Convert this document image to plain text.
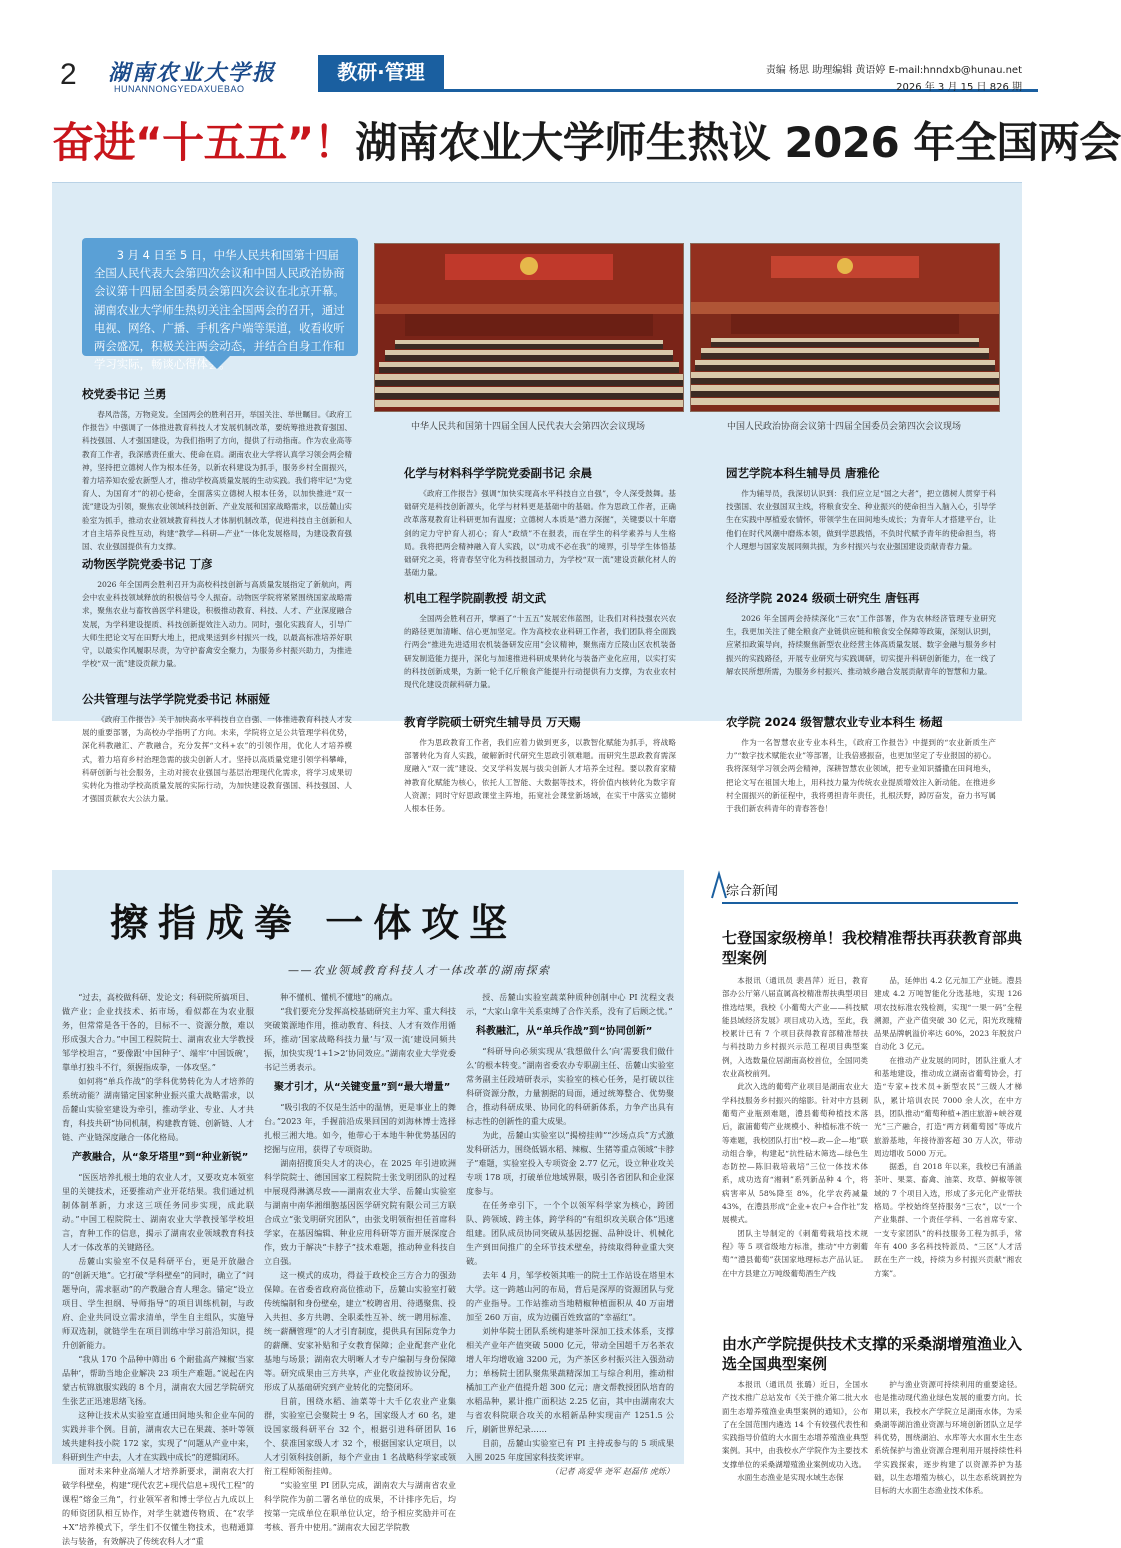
2 湖南农业大学报
HUNANNONGYEDAXUEBAO
教研·管理	责编 杨思 助理编辑 黄语婷 E-mail:hnndxb@hunau.net
2026 年 3 月 15 日 826 期
奋进“十五五”！湖南农业大学师生热议 2026 年全国两会
3 月 4 日至 5 日，中华人民共和国第十四届全国人民代表大会第四次会议和中国人民政治协商会议第十四届全国委员会第四次会议在北京开幕。湖南农业大学师生热切关注全国两会的召开，通过电视、网络、广播、手机客户端等渠道，收看收听两会盛况，积极关注两会动态，并结合自身工作和学习实际，畅谈心得体会。
中华人民共和国第十四届全国人民代表大会第四次会议现场	中国人民政治协商会议第十四届全国委员会第四次会议现场
校党委书记 兰勇

春风浩荡，万物竞发。全国两会的胜利召开，举国关注、举世瞩目。《政府工作报告》中强调了一体推进教育科技人才发展机制改革，要统筹推进教育强国、科技强国、人才强国建设，为我们指明了方向，提供了行动指南。作为农业高等教育工作者，我深感责任重大、使命在肩。湖南农业大学将认真学习领会两会精神，坚持把立德树人作为根本任务，以新农科建设为抓手，服务乡村全面振兴，着力培养知农爱农新型人才，推动学校高质量发展的生动实践。我们将牢记“为党育人、为国育才”的初心使命，全面落实立德树人根本任务，以加快推进“双一流”建设为引领，聚焦农业领域科技创新、产业发展和国家战略需求，以岳麓山实验室为抓手，推动农业领域教育科技人才体制机制改革，促进科技自主创新和人才自主培养良性互动，构建“教学—科研—产业”一体化发展格局，为建设教育强国、农业强国提供有力支撑。

动物医学院党委书记 丁彦

2026 年全国两会胜利召开为高校科技创新与高质量发展指定了新航向，两会中农业科技领域释放的积极信号令人振奋。动物医学院将紧紧围绕国家战略需求，聚焦农业与畜牧兽医学科建设，积极推动教育、科技、人才、产业深度融合发展，为学科建设提质、科技创新提效注入动力。同时，强化实践育人，引导广大师生把论文写在田野大地上，把成果送到乡村振兴一线，以最高标准培养好职守，以最实作风履职尽责，为守护畜禽安全聚力，为服务乡村振兴助力，为推进学校“双一流”建设贡献力量。

公共管理与法学学院党委书记 林丽娅

《政府工作报告》关于加快高水平科技自立自强、一体推进教育科技人才发展的重要部署，为高校办学指明了方向。未来，学院将立足公共管理学科优势，深化科教融汇、产教融合，充分发挥“文科+农”的引领作用，优化人才培养模式，着力培育乡村治理急需的拔尖创新人才。坚持以高质量党建引领学科攀峰，科研创新与社会服务，主动对接农业强国与基层治理现代化需求，将学习成果切实转化为推动学校高质量发展的实际行动，为加快建设教育强国、科技强国、人才强国贡献农大公法力量。

化学与材料科学学院党委副书记 余晨

《政府工作报告》强调“加快实现高水平科技自立自强”，令人深受鼓舞。基础研究是科技创新源头，化学与材料更是基础中的基础。作为思政工作者，正确改革落观教育让科研更加有温度；立德树人本质是“潜力深掘”，关键要以十年磨剑的定力守护育人初心；育人“政绩”不在报表，而在学生的科学素养与人生格局。我将把两会精神融入育人实践，以“功成不必在我”的境界，引导学生体悟基础研究之美，将青春坚守化为科技报国动力，为学校“双一流”建设贡献化材人的基础力量。

机电工程学院副教授 胡文武

全国两会胜利召开，擘画了“十五五”发展宏伟蓝图，让我们对科技强农兴农的路径更加清晰、信心更加坚定。作为高校农业科研工作者，我们团队将全面践行两会“推进先进适用农机装备研发应用”会议精神，聚焦南方丘陵山区农机装备研发制造能力提升，深化与加速推进科研成果转化与装备产业化应用，以实打实的科技创新成果，为新一轮千亿斤粮食产能提升行动提供有力支撑，为农业农村现代化建设贡献科研力量。

教育学院硕士研究生辅导员 万天赐

作为思政教育工作者，我们应着力做到更多，以教智化赋能为抓手，将战略部署转化为育人实践，破解新时代研究生思政引领难题。而研究生思政教育需深度融入“双一流”建设、交叉学科发展与拔尖创新人才培养全过程。要以教育家精神教育化赋能为核心，依托人工智能、大数据等技术，将价值内核转化为数字育人资源；同时守好思政课堂主阵地，拓宽社会课堂新场域，在实干中落实立德树人根本任务。

园艺学院本科生辅导员 唐雅伦

作为辅导员，我深切认识到：我们应立足“国之大者”，把立德树人贯穿于科技强国、农业强国双主线，将粮食安全、种业振兴的使命担当入脑入心，引导学生在实践中厚植爱农情怀，带领学生在田间地头成长；为青年人才搭建平台，让他们在时代风潮中磨炼本领，做到学思践悟，不负时代赋予青年的使命担当，将个人理想与国家发展同频共振，为乡村振兴与农业强国建设贡献青春力量。

经济学院 2024 级硕士研究生 唐钰再

2026 年全国两会持续深化“三农”工作部署，作为农林经济管理专业研究生，我更加关注了健全粮食产业链供应链和粮食安全保障等政策，深刻认识到，应紧扣政策导向，持续聚焦新型农业经营主体高质量发展、数字金融与服务乡村振兴的实践路径，开展专业研究与实践调研，切实提升科研创新能力，在一线了解农民所想所需，为服务乡村振兴、推动城乡融合发展贡献青年的智慧和力量。

农学院 2024 级智慧农业专业本科生 杨超

作为一名智慧农业专业本科生，《政府工作报告》中提到的“农业新质生产力”“数字技术赋能农业”等部署，让我倍感振奋，也更加坚定了专业报国的初心。我将深刻学习领会两会精神，深耕智慧农业领域，把专业知识播撒在田间地头，把论文写在祖国大地上，用科技力量为传统农业提质增效注入新动能。在推进乡村全面振兴的新征程中，我将勇担青年责任，扎根沃野，踔厉奋发，奋力书写属于我们新农科青年的青春答卷！

擦指成拳 一体攻坚
——农业领域教育科技人才一体改革的湖南探索

“过去，高校做科研、发论文；科研院所搞项目、做产业；企业找技术、拓市场，看似都在为农业服务，但常常是各干各的，目标不一、资源分散，难以形成强大合力。”中国工程院院士、湖南农业大学教授邹学校坦言，“要像跟‘中国种子’、端牢‘中国饭碗’，靠单打独斗不行，须握指成拳，一体攻坚。”

如何将“单兵作战”的学科优势转化为人才培养的系统动能？湖南锚定国家种业振兴重大战略需求，以岳麓山实验室建设为牵引，推动学业、专业、人才共育，科技共研“协同机制，构建教育链、创新链、人才链、产业链深度融合一体化格局。

产教融合，从“象牙塔里”到“种业新锐”

“医医培养扎根土地的农业人才，又要攻克本领室里的关键技术，还要推动产业开花结果。我们通过机制体制革新，力求这三项任务同步实现，成此联动。”中国工程院院士、湖南农业大学教授邹学校坦言，育种工作的信息，揭示了湖南农业领域教育科技人才一体改革的关键路径。

岳麓山实验室不仅是科研平台，更是开放融合的“创新天地”。它打破“学科壁垒”的同时，确立了“问题导向，需求驱动”的产教融合育人理念。锚定“设立项目、学生担纲、导师指导”的项目训练机制，与政府、企业共同设立需求清单，学生自主组队，实施导师双选制，就链学生在项目训练中学习前沿知识，提升创新能力。

“我从 170 个品种中筛出 6 个耐盐高产辣椒‘当家品种’，帮助当地企业解决 23 项生产难题。”说起在内蒙古杭锦旗服实践的 8 个月，湖南农大园艺学院研究生张艺正迅速思绪飞扬。

这种让技术从实验室直通田间地头和企业车间的实践并非个例。目前，湖南农大已在果蔬、茶叶等领域共建科技小院 172 家，实现了“问题从产业中来，科研到生产中去，人才在实践中成长”的逻辑闭环。

面对未来种业高端人才培养新要求，湖南农大打破学科壁垒，构建“现代农艺+现代信息+现代工程”的课程“熔金三角”，行业领军者和博士学位占九成以上的师资团队相互协作，对学生就遗传物质、在“农学+X”培养模式下，学生们不仅懂生物技术，也精通算法与装备，有效解决了传统农科人才“重

种不懂机、懂机不懂地”的痛点。

“我们要充分发挥高校基础研究主力军、重大科技突破策源地作用，推动教育、科技、人才有效作用循环，推动‘国家战略科技力量’与‘双一流’建设同频共振，加快实现‘1+1>2’协同效应。”湖南农业大学党委书记兰勇表示。

聚才引才，从“关键变量”到“最大增量”

“吸引我的不仅是生活中的温情，更是事业上的舞台。”2023 年，手握前沿成果回国的刘海林博士选择扎根三湘大地。如今，他带心于本地牛种优势基因的挖掘与应用，获得了专项资助。

湖南招揽顶尖人才的决心，在 2025 年引进欧洲科学院院士、德国国家工程院院士张戈明团队的过程中展现得淋漓尽致——湖南农业大学、岳麓山实验室与湖南中南华湘细胞基因医学研究院有限公司三方联合成立“张戈明研究团队”，由张戈明领衔担任首席科学家，在基因编辑、种业应用科研等方面开展深度合作，致力于解决“卡脖子”技术难题，推动种业科技自立自强。

这一模式的成功，得益于政校企三方合力的强劲保障。在省委省政府高位推动下，岳麓山实验室打破传统编制和身份壁垒，建立“校聘省用、待遇聚焦、投入共担、多方共聘、全职柔性互补、统一聘用标准、统一薪酬管理”的人才引育制度，提供具有国际竞争力的薪酬、安家补贴和子女教育保障；企业配套产业化基地与场景；湖南农大明晰人才专户编制与身份保障等。研究成果由三方共享，产业化收益按协议分配，形成了从基础研究到产业转化的完整闭环。

目前，围绕水稻、油菜等十大千亿农业产业集群，实验室已会聚院士 9 名，国家级人才 60 名，建设国家级科研平台 32 个，根据引进科研团队 16 个、获准国家级人才 32 个，根据国家认定项目，以人才引领科技创新，每个产业由 1 名战略科学家或领衔工程师领衔挂帅。

“实验室里 PI 团队完成，湖南农大与湖南省农业科学院作为前二署名单位的成果，不计排序先后，均按第一完成单位在职单位认定，给予相应奖励并可在考核、晋升中使用。”湖南农大园艺学院教

授、岳麓山实验室蔬菜种质种创制中心 PI 沈程文表示，“大家山拿牛关系束缚了合作关系，没有了后顾之忧。”

科教融汇，从“单兵作战”到“协同创新”

“科研导向必须实现从‘我想做什么’向‘需要我们做什么’的根本转变。”湖南省委农办专职副主任、岳麓山实验室常务副主任段靖研表示，实验室的核心任务，是打破以往科研资源分散，力量割据的局面，通过统筹整合、优势聚合，推动科研成果、协同化的科研新体系，力争产出具有标志性的创新性的重大成果。

为此，岳麓山实验室以“揭榜挂帅”“沙场点兵”方式激发科研活力，围绕低镉水稻、辣椒、生猪等重点领域“卡脖子”难题，实验室投入专项资金 2.77 亿元，设立种业攻关专项 178 项，打破单位地域界限，吸引各省团队和企业深度参与。

在任务牵引下，一个个以领军科学家为核心，跨团队、跨领域、跨主体，跨学科的“有组织攻关联合体”迅速组建。团队成员协同突破从基因挖掘、品种设计、机械化生产到田间推广的全环节技术壁垒，持续取得种业重大突破。

去年 4 月，邹学校领其唯一的院士工作站设在塔里木大学。这一跨越山河的布局，背后是深厚的资源团队与党的产业指导。工作站推动当地精椒种植面积从 40 万亩增加至 260 万亩，成为边疆百姓致富的“幸福红”。

刘仲华院士团队系统构建茶叶深加工技术体系，支撑相关产业年产值突破 5000 亿元，带动全国超千万名茶农增人年均增收逾 3200 元，为产茶区乡村振兴注入强劲动力；单杨院士团队聚焦果蔬精深加工与综合利用，推动柑橘加工产业产值提升超 300 亿元；唐文帮教授团队培育的水稻品种，累计推广面积达 2.25 亿亩，其中由湖南农大与省农科院联合攻关的水稻新品种实现亩产 1251.5 公斤，刷新世界纪录……

目前，岳麓山实验室已有 PI 主持或参与的 5 项成果入围 2025 年度国家科技奖评审。

（记者 高爱华 尧军 赵磊伟 虎烁）

综合新闻
七登国家级榜单！我校精准帮扶再获教育部典型案例

本报讯（通讯员 裴昌萍）近日，教育部办公厅第八届直属高校精准帮扶典型项目推选结果，我校《小葡萄大产业——科技赋能县域经济发展》项目成功入选，至此，我校累计已有 7 个项目获得教育部精准帮扶与科技助力乡村振兴示范工程项目典型案例，入选数量位居湖南高校首位，全国同类农业高校前列。

此次入选的葡萄产业项目是湖南农业大学科技服务乡村振兴的缩影。针对中方县刺葡萄产业瓶颈难题，澧县葡萄种植技术落后，溆浦葡萄产业规模小、种植标准不统一等难题，我校团队打出“校—政—企—地”联动组合拳，构建起“抗性砧木筛选—绿色生态防控—陈旧栽培栽培”三位一体技术体系，成功选育“湘刺”系列新品种 4 个，将病害率从 58%降至 8%，化学农药减量 43%，在澧县形成“企业+农户+合作社”发展模式。

团队主导制定的《刺葡萄栽培技术规程》等 5 项省级地方标准，推动“中方刺葡萄”“澧县葡萄”获国家地理标志产品认证。在中方县建立万吨级葡萄酒生产线

品，延伸出 4.2 亿元加工产业链。澧县建成 4.2 万吨智能化分选基地，实现 126 项农技标准农残检测，实现“一果一码”全程溯源，产业产值突破 30 亿元，阳光玫瑰精品果品牌帆溢价率达 60%，2023 年脱贫户自动化 3 亿元。

在推动产业发展的同时，团队注重人才和基地建设，推动成立湖南省葡萄协会，打造“专家+技术员+新型农民”三级人才梯队，累计培训农民 7000 余人次，在中方县，团队推动“葡萄种植+酒庄旅游+峡谷观光”三产融合，打造“两方刺葡萄园”等成片旅游基地，年接待游客超 30 万人次，带动周边增收 5000 万元。

据悉，自 2018 年以来，我校已有涵盖茶叶、果菜、畜禽、油菜、玫草、鲜椒等领域的 7 个项目入选，形成了多元化产业帮扶格局。学校始终坚持服务“三农”，以“一个产业集群、一个责任学科、一名首席专家、一支专家团队”的科技服务工程为抓手，常年有 400 多名科技特派员、“三区”人才活跃在生产一线，持续为乡村振兴贡献“湘农方案”。

由水产学院提供技术支撑的采桑湖增殖渔业入选全国典型案例

本报讯（通讯员 张璐）近日，全国水产技术推广总站发布《关于推介第二批大水面生态增养殖渔业典型案例的通知》，公布了在全国范围内遴选 14 个有较强代表性和实践指导价值的大水面生态增养殖渔业典型案例。其中，由我校水产学院作为主要技术支撑单位的采桑湖增殖渔业案例成功入选。

水面生态渔业是实现水域生态保

护与渔业资源可持续利用的重要途径。也是推动现代渔业绿色发展的重要方向。长期以来，我校水产学院立足湖南水体，为采桑湖等湖泊渔业资源与环境创新团队立足学科优势，围绕湖泊、水库等大水面水生生态系统保护与渔业资源合理利用开展持续性科学实践探索，逐步构建了以资源养护为基础，以生态增殖为核心，以生态系统调控为目标的大水面生态渔业技术体系。
